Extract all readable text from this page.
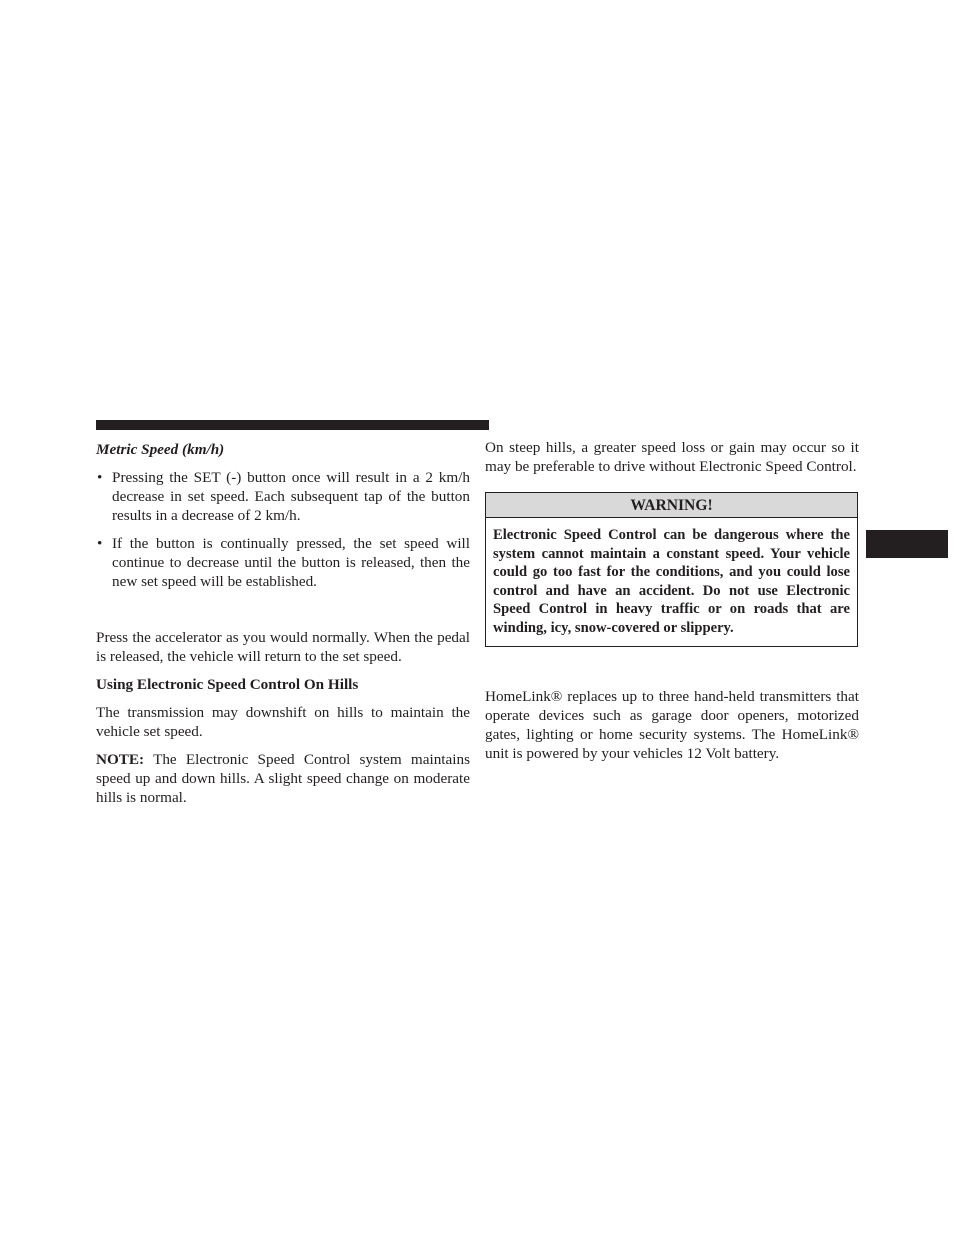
Metric Speed (km/h)

• Pressing the SET (-) button once will result in a 2 km/h decrease in set speed. Each subsequent tap of the button results in a decrease of 2 km/h.
• If the button is continually pressed, the set speed will continue to decrease until the button is released, then the new set speed will be established.

Press the accelerator as you would normally. When the pedal is released, the vehicle will return to the set speed.

Using Electronic Speed Control On Hills

The transmission may downshift on hills to maintain the vehicle set speed.

NOTE: The Electronic Speed Control system maintains speed up and down hills. A slight speed change on moderate hills is normal.

On steep hills, a greater speed loss or gain may occur so it may be preferable to drive without Electronic Speed Control.

WARNING!
Electronic Speed Control can be dangerous where the system cannot maintain a constant speed. Your vehicle could go too fast for the conditions, and you could lose control and have an accident. Do not use Electronic Speed Control in heavy traffic or on roads that are winding, icy, snow-covered or slippery.

HomeLink® replaces up to three hand-held transmitters that operate devices such as garage door openers, motorized gates, lighting or home security systems. The HomeLink® unit is powered by your vehicles 12 Volt battery.
